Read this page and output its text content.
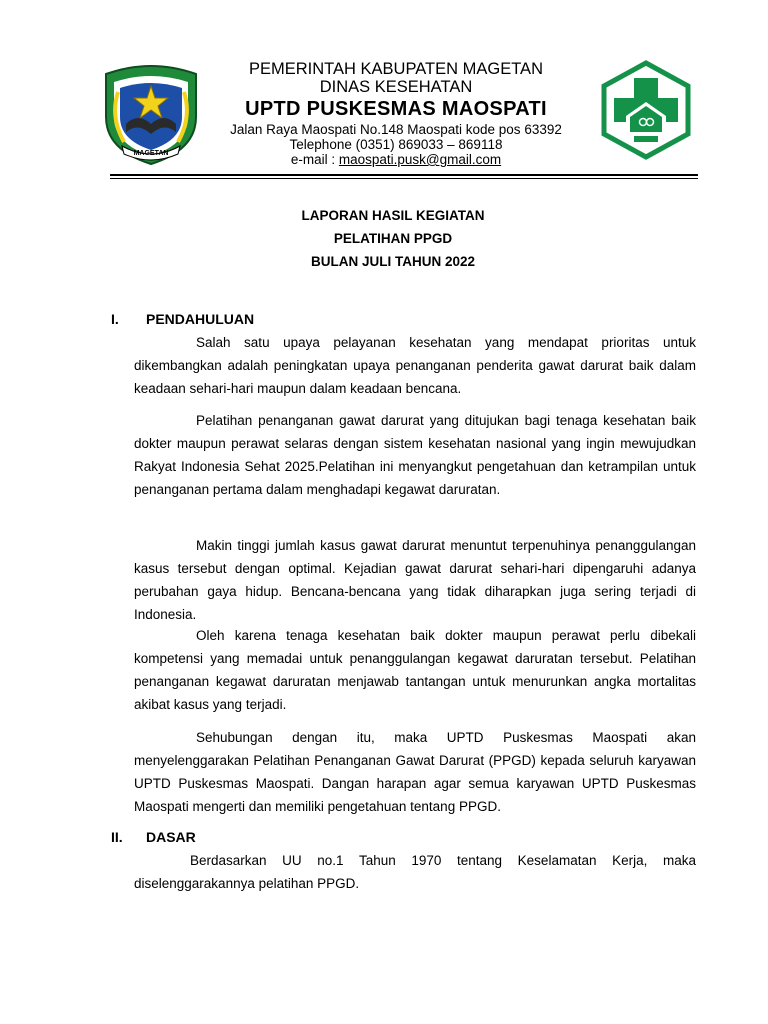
MAGETAN
PEMERINTAH KABUPATEN MAGETAN
DINAS KESEHATAN
UPTD PUSKESMAS MAOSPATI
Jalan Raya Maospati No.148 Maospati kode pos 63392
Telephone (0351) 869033 – 869118
e-mail : maospati.pusk@gmail.com
LAPORAN HASIL KEGIATAN
PELATIHAN PPGD
BULAN JULI TAHUN 2022
I. PENDAHULUAN
Salah satu upaya pelayanan kesehatan yang mendapat prioritas untuk dikembangkan adalah peningkatan upaya penanganan penderita gawat darurat baik dalam keadaan sehari-hari maupun dalam keadaan bencana.
Pelatihan penanganan gawat darurat yang ditujukan bagi tenaga kesehatan baik dokter maupun perawat selaras dengan sistem kesehatan nasional yang ingin mewujudkan Rakyat Indonesia Sehat 2025.Pelatihan ini menyangkut pengetahuan dan ketrampilan untuk penanganan pertama dalam menghadapi kegawat daruratan.
Makin tinggi jumlah kasus gawat darurat menuntut terpenuhinya penanggulangan kasus tersebut dengan optimal. Kejadian gawat darurat sehari-hari dipengaruhi adanya perubahan gaya hidup. Bencana-bencana yang tidak diharapkan juga sering terjadi di Indonesia.
Oleh karena tenaga kesehatan baik dokter maupun perawat perlu dibekali kompetensi yang memadai untuk penanggulangan kegawat daruratan tersebut. Pelatihan penanganan kegawat daruratan menjawab tantangan untuk menurunkan angka mortalitas akibat kasus yang terjadi.
Sehubungan dengan itu, maka UPTD Puskesmas Maospati akan menyelenggarakan Pelatihan Penanganan Gawat Darurat (PPGD) kepada seluruh karyawan UPTD Puskesmas Maospati. Dangan harapan agar semua karyawan UPTD Puskesmas Maospati mengerti dan memiliki pengetahuan tentang PPGD.
II. DASAR
Berdasarkan UU no.1 Tahun 1970 tentang Keselamatan Kerja, maka diselenggarakannya pelatihan PPGD.
